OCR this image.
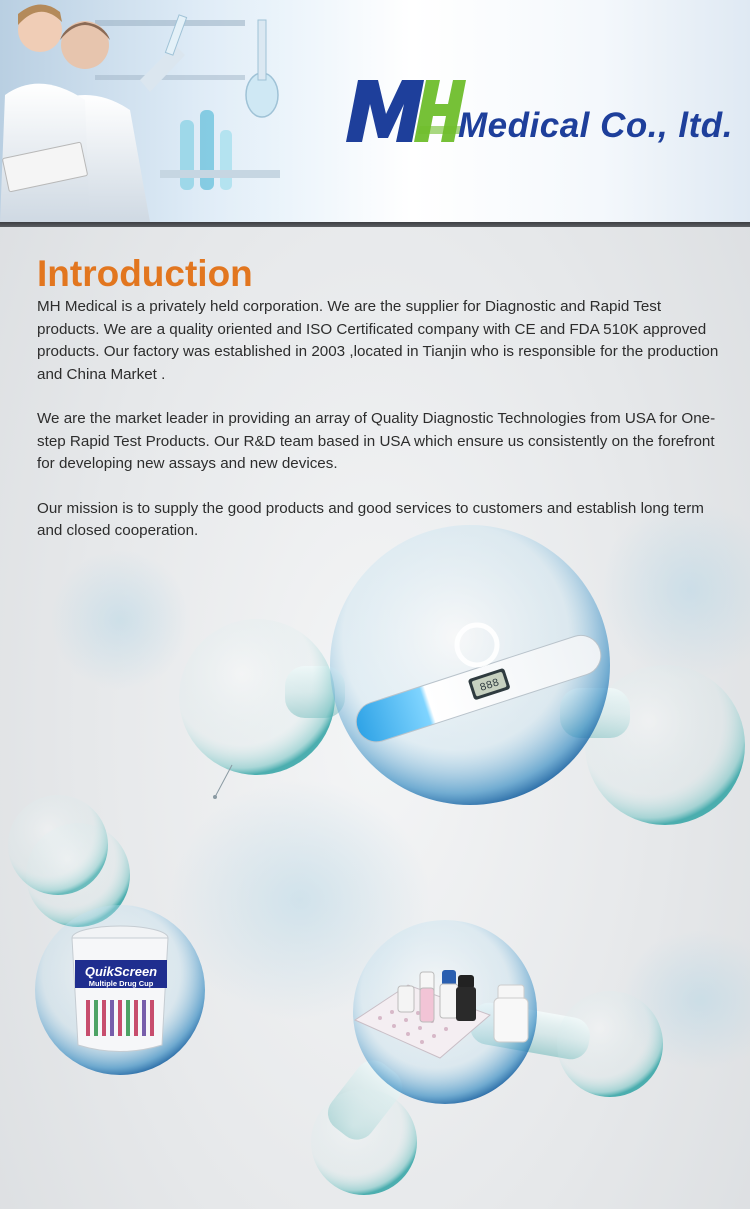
Medical Co., ltd.
888
QuikScreen
Multiple Drug Cup
Introduction

MH Medical is a privately held corporation. We are the supplier for Diagnostic and Rapid Test products. We are a quality oriented and ISO Certificated company with CE and FDA 510K approved products. Our factory was established in 2003 ,located in Tianjin who is responsible for the production and China Market .

We are the market leader in providing an array of Quality Diagnostic Technologies from USA for One-step Rapid Test Products. Our R&D team based in USA which ensure us consistently on the forefront for developing new assays and new devices.

Our mission is to supply the good products and good services to customers and establish long term and closed cooperation.
